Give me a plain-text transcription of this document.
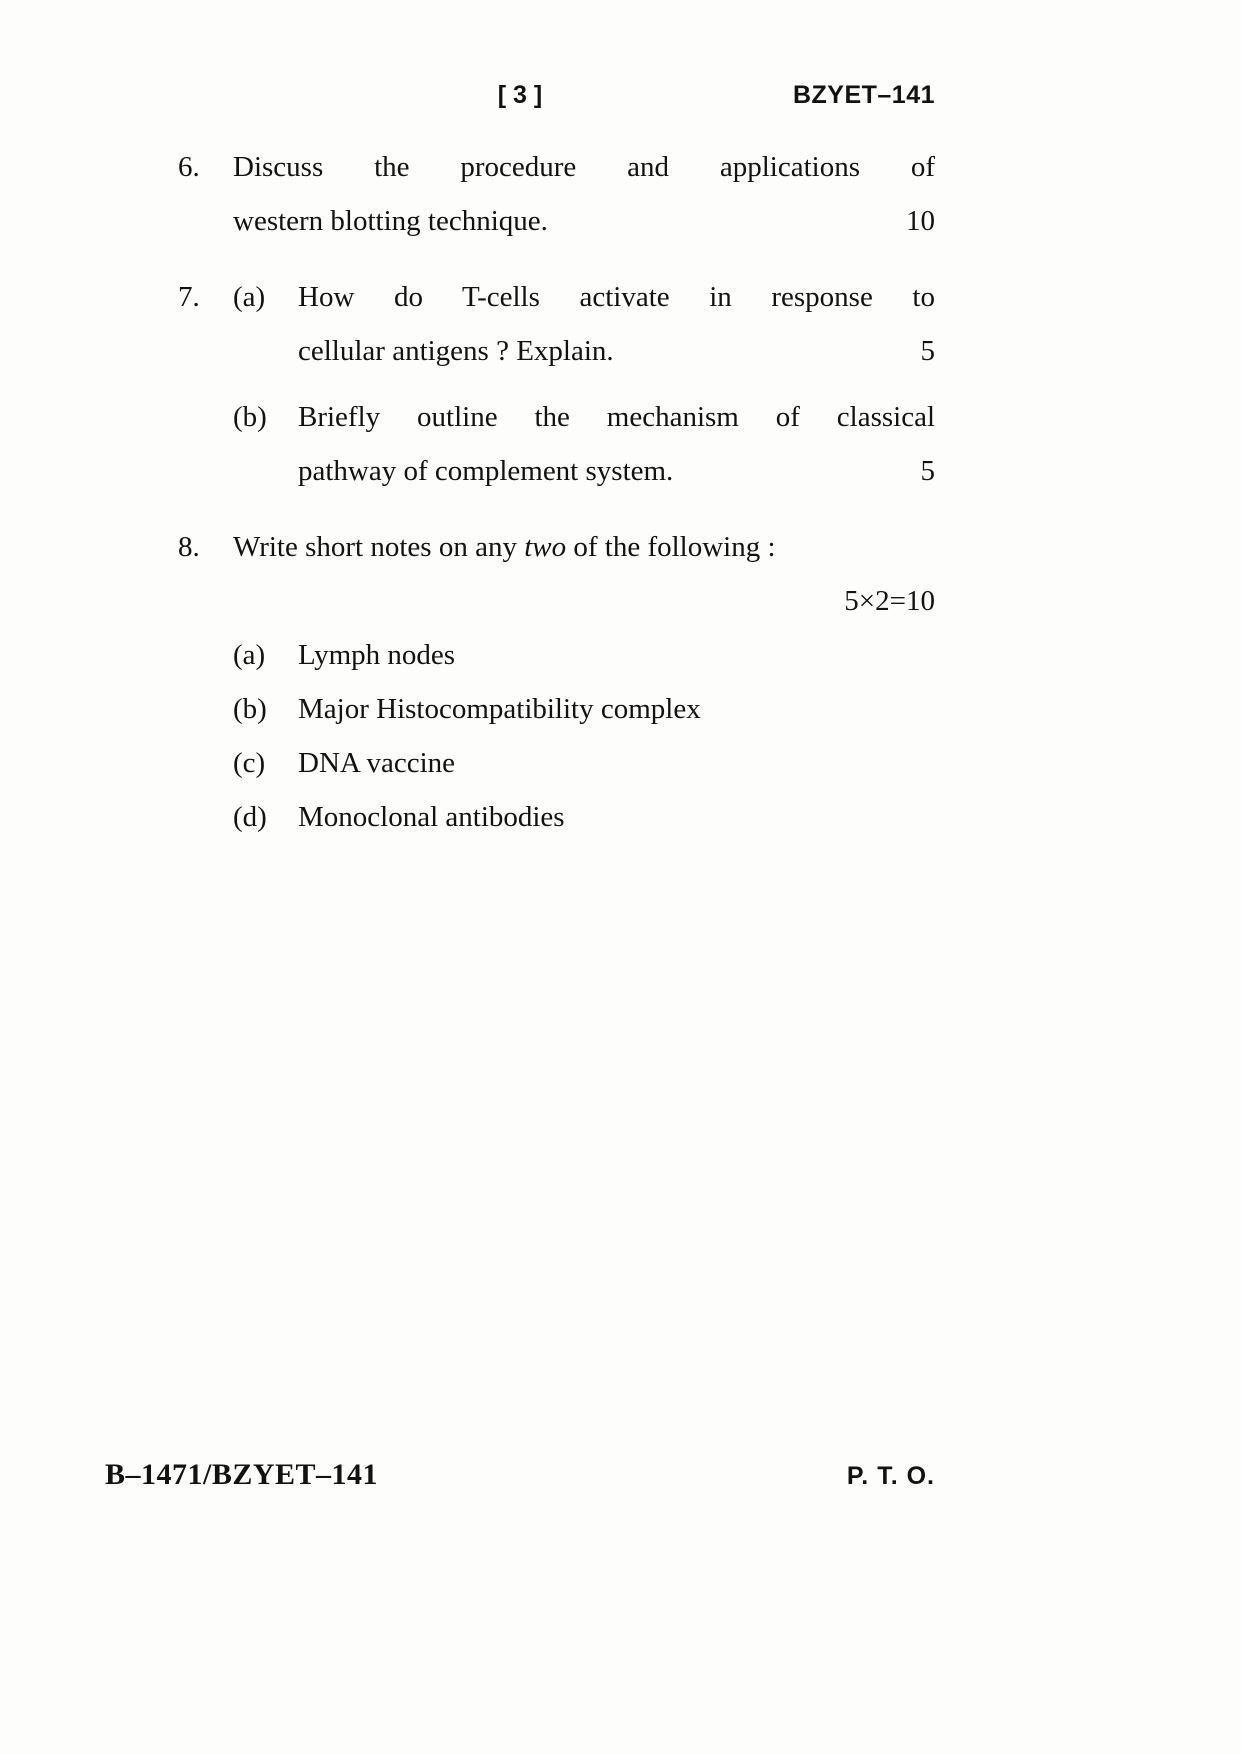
[ 3 ]	BZYET–141
6.	Discuss the procedure and applications of
western blotting technique.	10
7.	(a)	How do T-cells activate in response to
cellular antigens ? Explain.	5
(b)	Briefly outline the mechanism of classical
pathway of complement system.	5
8.	Write short notes on any two of the following :
5×2=10
(a)	Lymph nodes
(b)	Major Histocompatibility complex
(c)	DNA vaccine
(d)	Monoclonal antibodies
B–1471/BZYET–141	P. T. O.
